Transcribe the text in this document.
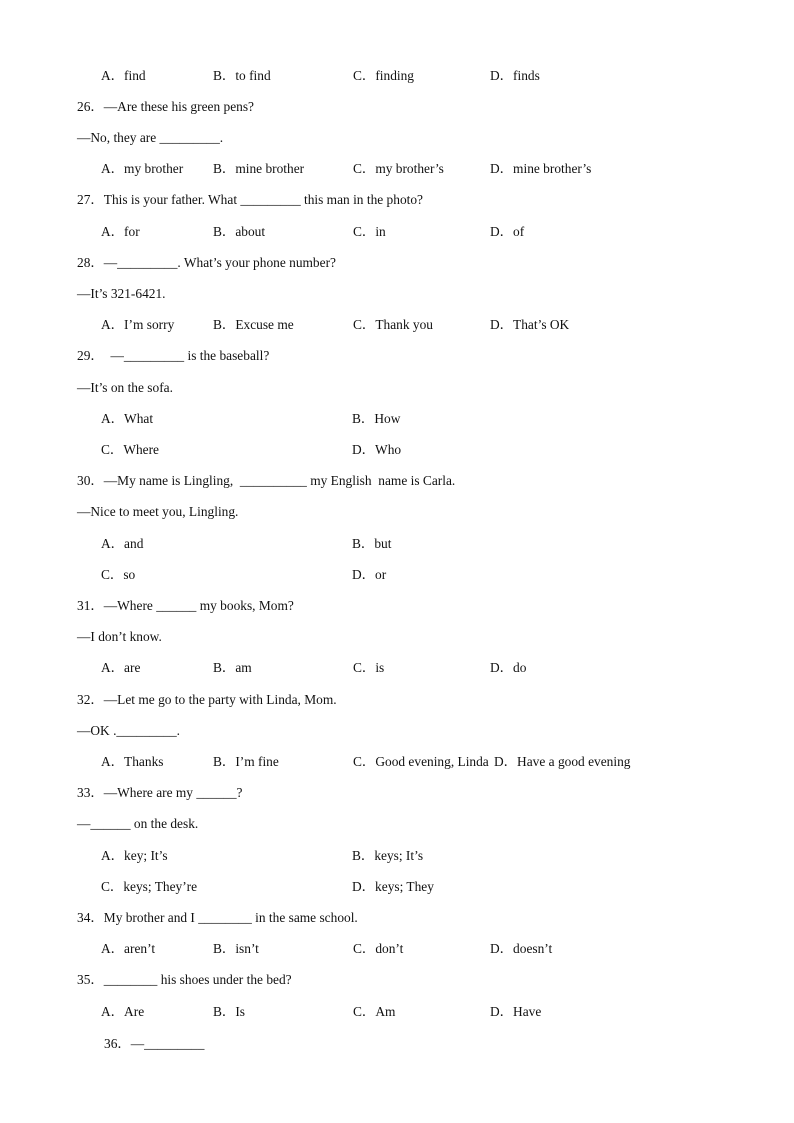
A．find	B．to find	C．finding	D．finds
26．—Are these his green pens?
—No, they are _________.
A．my brother B．mine brother	C．my brother’s	D．mine brother’s
27．This is your father. What _________ this man in the photo?
A．for	B．about	C．in	D．of
28．—_________. What’s your phone number?
—It’s 321-6421.
A．I’m sorry	B．Excuse me	C．Thank you	D．That’s OK
29．  —_________ is the baseball?
—It’s on the sofa.
A．What	B．How
C．Where	D．Who
30．—My name is Lingling,  __________ my English  name is Carla.
—Nice to meet you, Lingling.
A．and	B．but
C．so	D．or
31．—Where ______ my books, Mom?
—I don’t know.
A．are	B．am	C．is	D．do
32．—Let me go to the party with Linda, Mom.
—OK ._________.
A．Thanks	B．I’m fine	C．Good evening, Linda D．Have a good evening
33．—Where are my ______?
—______ on the desk.
A．key; It’s	B．keys; It’s
C．keys; They’re	D．keys; They
34．My brother and I ________ in the same school.
A．aren’t	B．isn’t	C．don’t	D．doesn’t
35．________ his shoes under the bed?
A．Are	B．Is	C．Am	D．Have
36．—_________
